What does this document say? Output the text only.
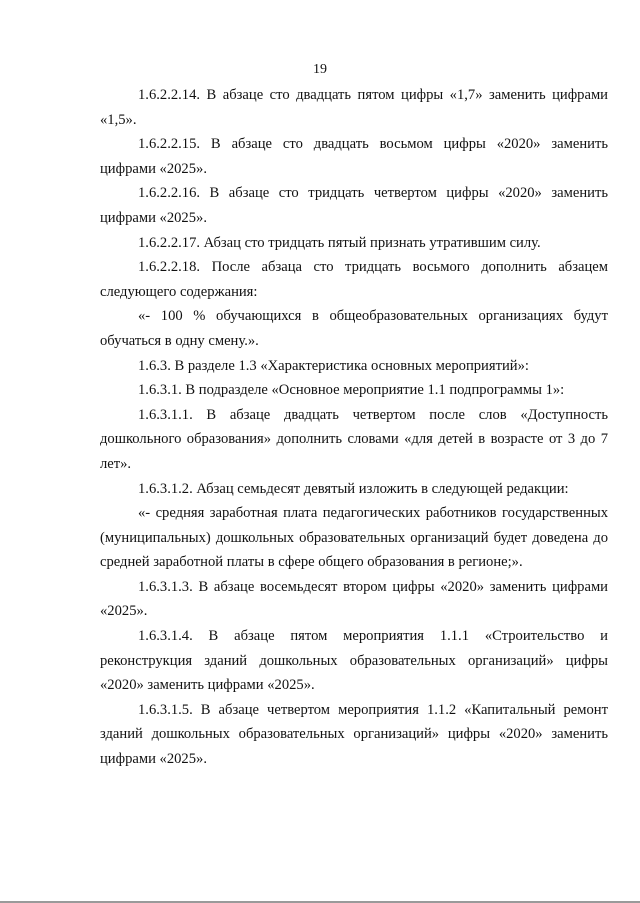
19

1.6.2.2.14. В абзаце сто двадцать пятом цифры «1,7» заменить цифрами «1,5».

1.6.2.2.15. В абзаце сто двадцать восьмом цифры «2020» заменить цифрами «2025».

1.6.2.2.16. В абзаце сто тридцать четвертом цифры «2020» заменить цифрами «2025».

1.6.2.2.17. Абзац сто тридцать пятый признать утратившим силу.

1.6.2.2.18. После абзаца сто тридцать восьмого дополнить абзацем следующего содержания:

«- 100 % обучающихся в общеобразовательных организациях будут обучаться в одну смену.».

1.6.3. В разделе 1.3 «Характеристика основных мероприятий»:

1.6.3.1. В подразделе «Основное мероприятие 1.1 подпрограммы 1»:

1.6.3.1.1. В абзаце двадцать четвертом после слов «Доступность дошкольного образования» дополнить словами «для детей в возрасте от 3 до 7 лет».

1.6.3.1.2. Абзац семьдесят девятый изложить в следующей редакции:

«- средняя заработная плата педагогических работников государственных (муниципальных) дошкольных образовательных организаций будет доведена до средней заработной платы в сфере общего образования в регионе;».

1.6.3.1.3. В абзаце восемьдесят втором цифры «2020» заменить цифрами «2025».

1.6.3.1.4. В абзаце пятом мероприятия 1.1.1 «Строительство и реконструкция зданий дошкольных образовательных организаций» цифры «2020» заменить цифрами «2025».

1.6.3.1.5. В абзаце четвертом мероприятия 1.1.2 «Капитальный ремонт зданий дошкольных образовательных организаций» цифры «2020» заменить цифрами «2025».
